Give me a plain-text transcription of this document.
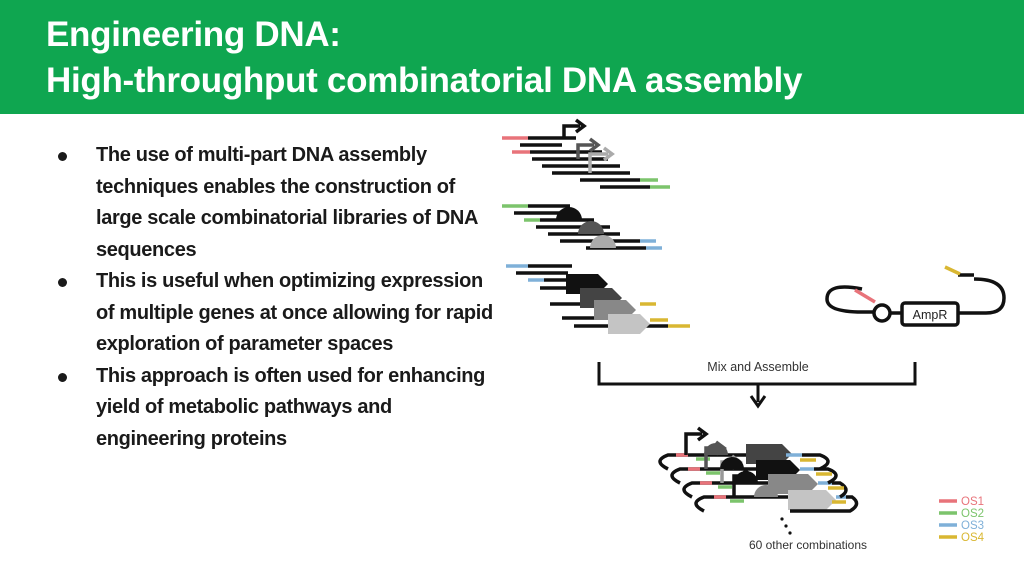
Engineering DNA:
High-throughput combinatorial DNA assembly
The use of multi-part DNA assembly techniques enables the construction of large scale combinatorial libraries of DNA sequences
This is useful when optimizing expression of multiple genes at once allowing for rapid exploration of parameter spaces
This approach is often used for enhancing yield of metabolic pathways and engineering proteins
AmpR
Mix and Assemble
60 other combinations
OS1
OS2
OS3
OS4
